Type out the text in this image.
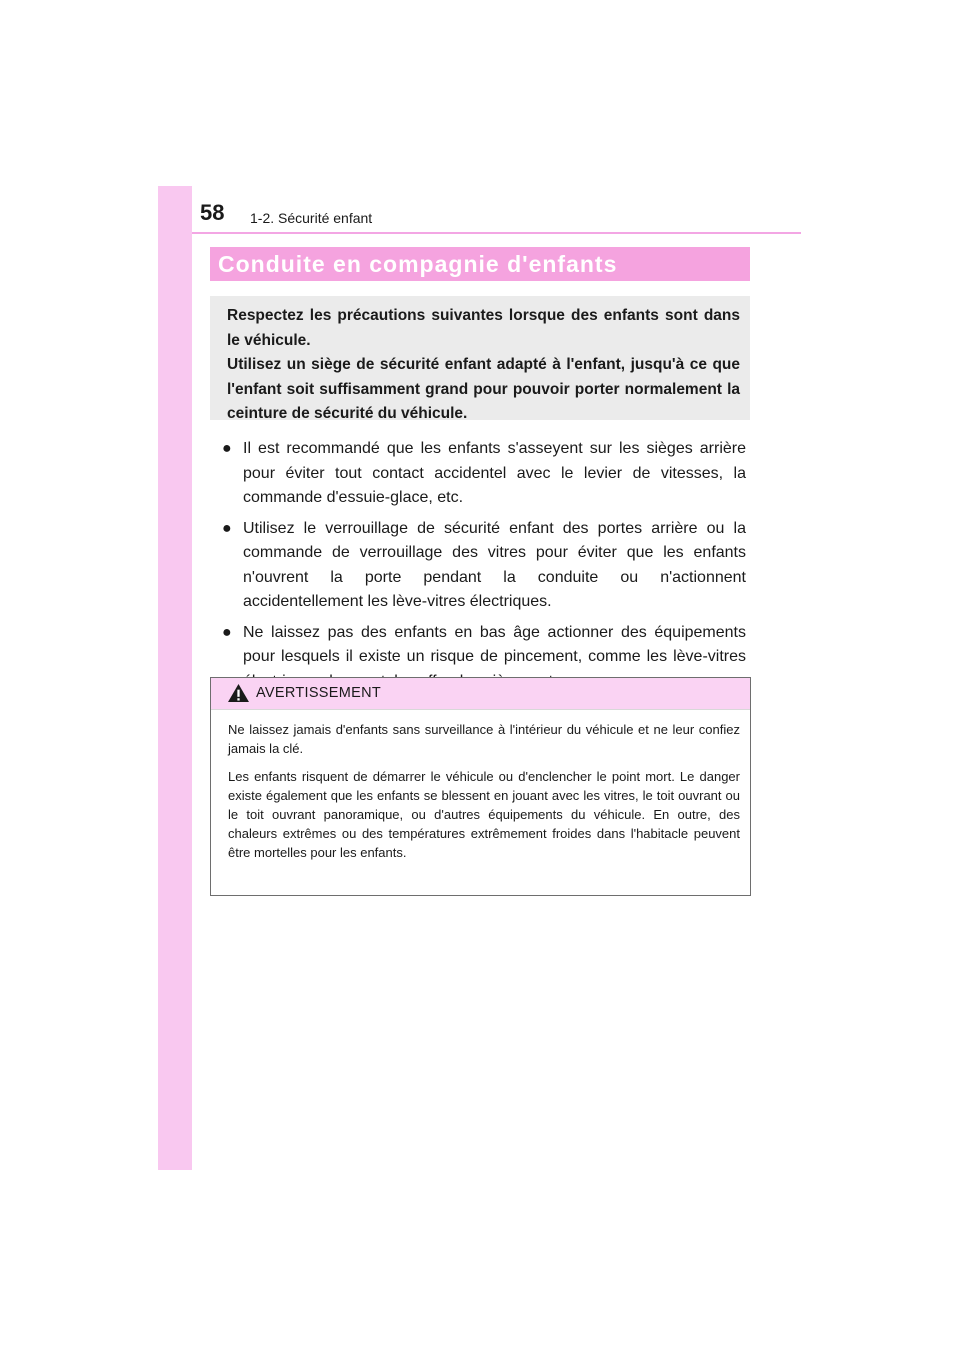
58 1-2. Sécurité enfant
Conduite en compagnie d'enfants

Respectez les précautions suivantes lorsque des enfants sont dans le véhicule.

Utilisez un siège de sécurité enfant adapté à l'enfant, jusqu'à ce que l'enfant soit suffisamment grand pour pouvoir porter normalement la ceinture de sécurité du véhicule.

● Il est recommandé que les enfants s'asseyent sur les sièges arrière pour éviter tout contact accidentel avec le levier de vitesses, la commande d'essuie-glace, etc.
● Utilisez le verrouillage de sécurité enfant des portes arrière ou la commande de verrouillage des vitres pour éviter que les enfants n'ouvrent la porte pendant la conduite ou n'actionnent accidentellement les lève-vitres électriques.
● Ne laissez pas des enfants en bas âge actionner des équipements pour lesquels il existe un risque de pincement, comme les lève-vitres
AVERTISSEMENT

Ne laissez jamais d'enfants sans surveillance à l'intérieur du véhicule et ne leur confiez jamais la clé.

Les enfants risquent de démarrer le véhicule ou d'enclencher le point mort. Le danger existe également que les enfants se blessent en jouant avec les vitres, le toit ouvrant ou le toit ouvrant panoramique, ou d'autres équipements du véhicule. En outre, des chaleurs extrêmes ou des températures extrêmement froides dans l'habitacle peuvent être mortelles pour les enfants.
